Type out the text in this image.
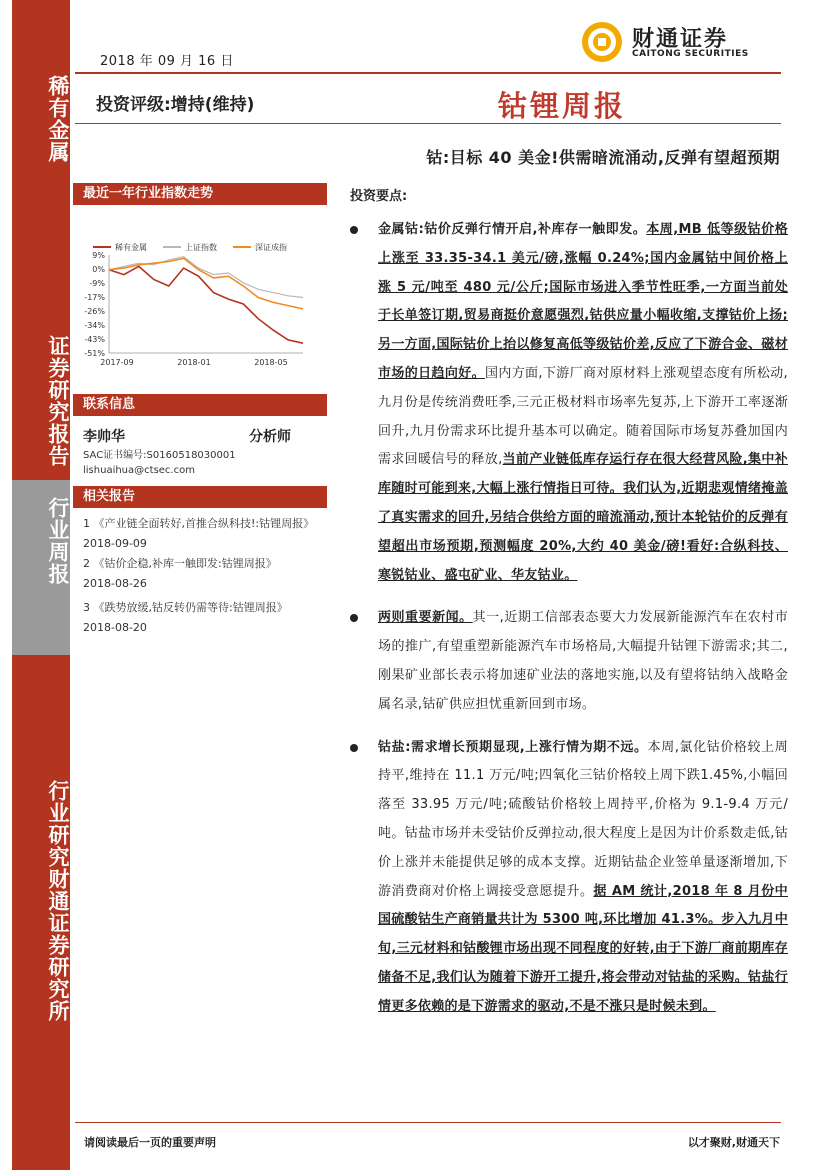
稀有金属
证券研究报告
行业周报
行业研究财通证券研究所
2018 年 09 月 16 日
财通证券
CAITONG SECURITIES
投资评级:增持(维持)	钴锂周报
钴:目标 40 美金!供需暗流涌动,反弹有望超预期
最近一年行业指数走势
稀有金属	上证指数	深证成指
9%
0%
-9%
-17%
-26%
-34%
-43%
-51%
2017-09	2018-01	2018-05
联系信息
李帅华	分析师
SAC证书编号:S0160518030001
lishuaihua@ctsec.com
相关报告
1 《产业链全面转好,首推合纵科技!:钴锂周报》 2018-09-09
2 《钴价企稳,补库一触即发:钴锂周报》
2018-08-26
3 《跌势放缓,钴反转仍需等待:钴锂周报》
2018-08-20
投资要点:

金属钴:钴价反弹行情开启,补库存一触即发。本周,MB 低等级钴价格上涨至 33.35-34.1 美元/磅,涨幅 0.24%;国内金属钴中间价格上涨 5 元/吨至 480 元/公斤;国际市场进入季节性旺季,一方面当前处于长单签订期,贸易商挺价意愿强烈,钴供应量小幅收缩,支撑钴价上扬;另一方面,国际钴价上抬以修复高低等级钴价差,反应了下游合金、磁材市场的日趋向好。国内方面,下游厂商对原材料上涨观望态度有所松动,九月份是传统消费旺季,三元正极材料市场率先复苏,上下游开工率逐渐回升,九月份需求环比提升基本可以确定。随着国际市场复苏叠加国内需求回暖信号的释放,当前产业链低库存运行存在很大经营风险,集中补库随时可能到来,大幅上涨行情指日可待。我们认为,近期悲观情绪掩盖了真实需求的回升,另结合供给方面的暗流涌动,预计本轮钴价的反弹有望超出市场预期,预测幅度 20%,大约 40 美金/磅!看好:合纵科技、寒锐钴业、盛屯矿业、华友钴业。

两则重要新闻。其一,近期工信部表态要大力发展新能源汽车在农村市场的推广,有望重塑新能源汽车市场格局,大幅提升钴锂下游需求;其二,刚果矿业部长表示将加速矿业法的落地实施,以及有望将钴纳入战略金属名录,钴矿供应担忧重新回到市场。

钴盐:需求增长预期显现,上涨行情为期不远。本周,氯化钴价格较上周持平,维持在 11.1 万元/吨;四氧化三钴价格较上周下跌1.45%,小幅回落至 33.95 万元/吨;硫酸钴价格较上周持平,价格为 9.1-9.4 万元/吨。钴盐市场并未受钴价反弹拉动,很大程度上是因为计价系数走低,钴价上涨并未能提供足够的成本支撑。近期钴盐企业签单量逐渐增加,下游消费商对价格上调接受意愿提升。据 AM 统计,2018 年 8 月份中国硫酸钴生产商销量共计为 5300 吨,环比增加 41.3%。步入九月中旬,三元材料和钴酸锂市场出现不同程度的好转,由于下游厂商前期库存储备不足,我们认为随着下游开工提升,将会带动对钴盐的采购。钴盐行情更多依赖的是下游需求的驱动,不是不涨只是时候未到。

请阅读最后一页的重要声明	以才聚财,财通天下
